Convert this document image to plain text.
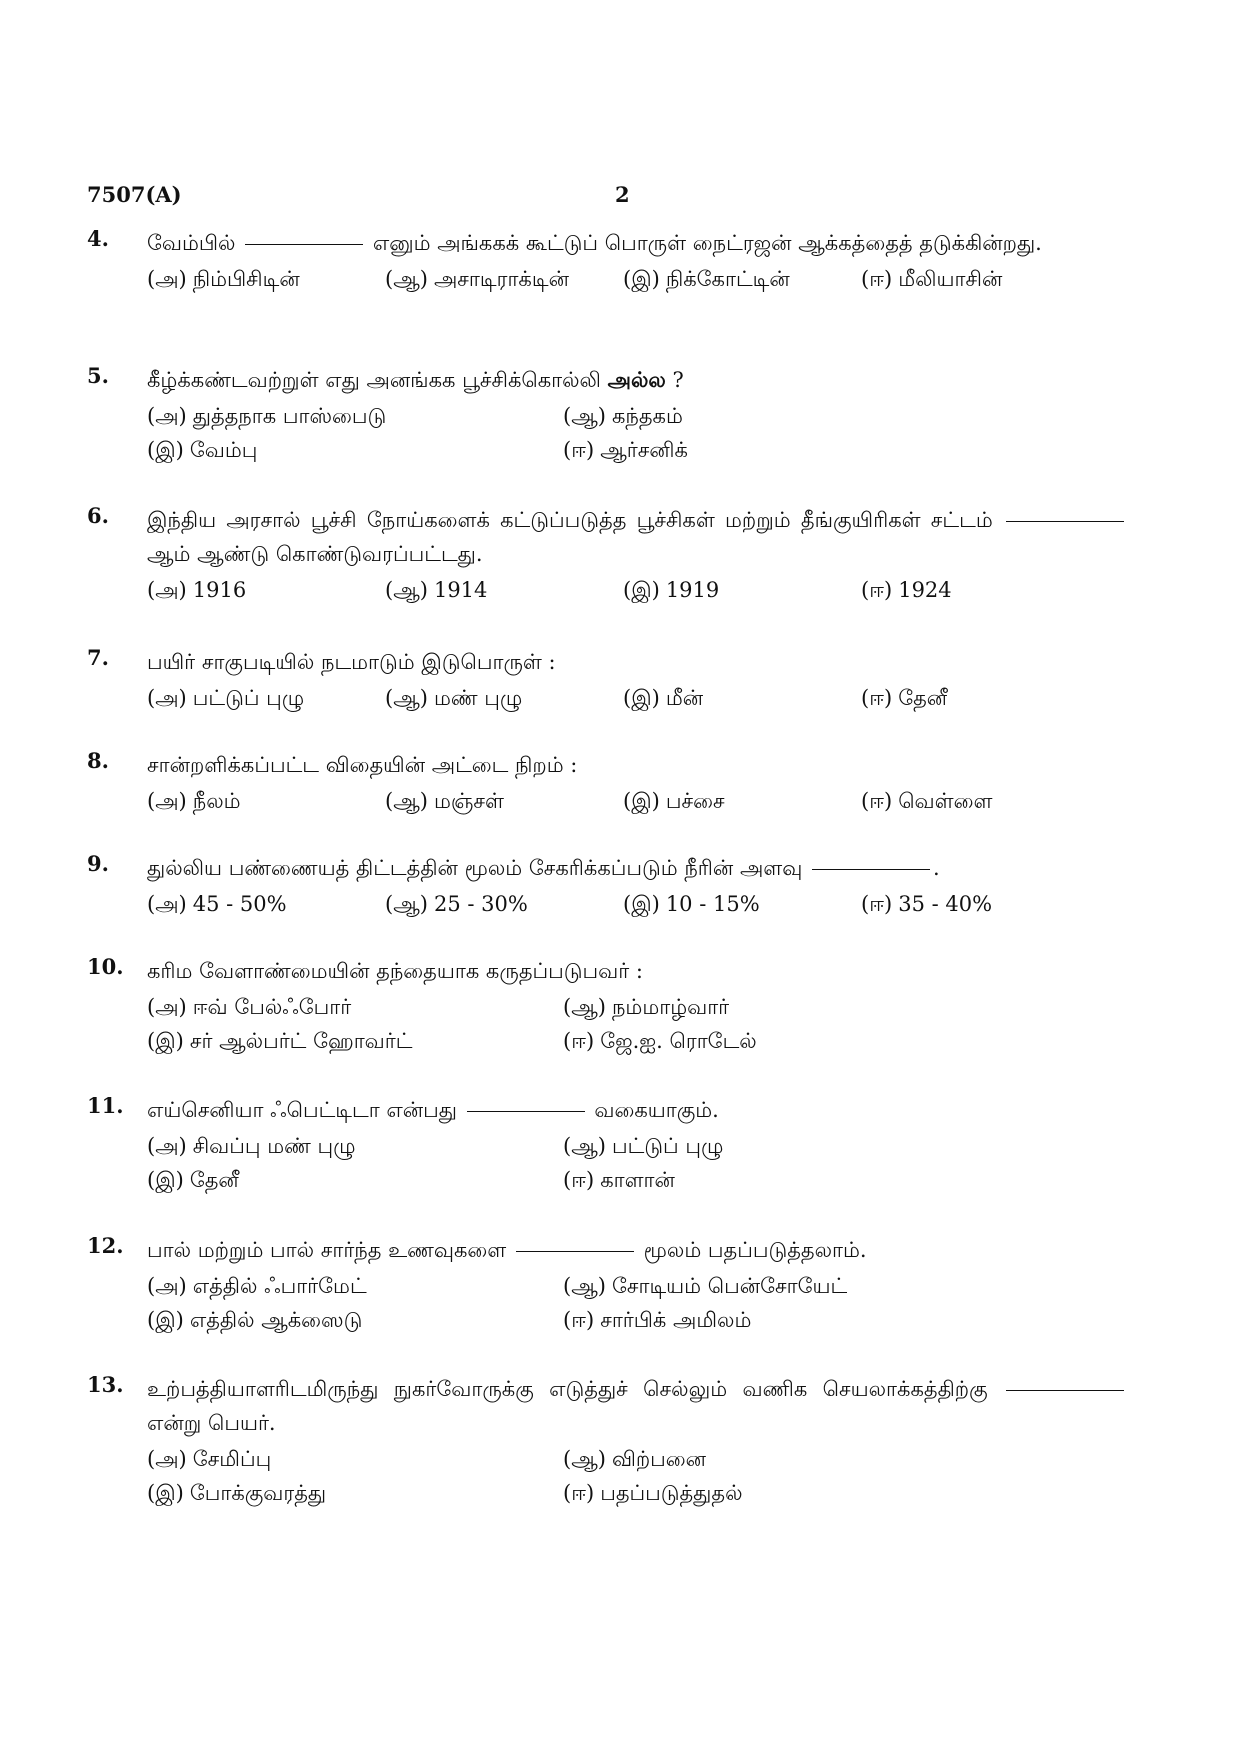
7507(A)	2
4. வேம்பில்	எனும் அங்ககக் கூட்டுப் பொருள் நைட்ரஜன் ஆக்கத்தைத் தடுக்கின்றது.
(அ) நிம்பிசிடின்	(ஆ) அசாடிராக்டின்	(இ) நிக்கோட்டின்	(ஈ) மீலியாசின்
5. கீழ்க்கண்டவற்றுள் எது அனங்கக பூச்சிக்கொல்லி அல்ல ?
(அ) துத்தநாக பாஸ்பைடு	(ஆ) கந்தகம்
(இ) வேம்பு	(ஈ) ஆர்சனிக்
6. இந்திய அரசால் பூச்சி நோய்களைக் கட்டுப்படுத்த பூச்சிகள் மற்றும் தீங்குயிரிகள் சட்டம்  ஆம் ஆண்டு கொண்டுவரப்பட்டது.
(அ) 1916	(ஆ) 1914	(இ) 1919	(ஈ) 1924
7. பயிர் சாகுபடியில் நடமாடும் இடுபொருள் :
(அ) பட்டுப் புழு	(ஆ) மண் புழு	(இ) மீன்	(ஈ) தேனீ
8. சான்றளிக்கப்பட்ட விதையின் அட்டை நிறம் :
(அ) நீலம்	(ஆ) மஞ்சள்	(இ) பச்சை	(ஈ) வெள்ளை
9. துல்லிய பண்ணையத் திட்டத்தின் மூலம் சேகரிக்கப்படும் நீரின் அளவு	.
(அ) 45 - 50%	(ஆ) 25 - 30%	(இ) 10 - 15%	(ஈ) 35 - 40%
10. கரிம வேளாண்மையின் தந்தையாக கருதப்படுபவர் :
(அ) ஈவ் பேல்ஃபோர்	(ஆ) நம்மாழ்வார்
(இ) சர் ஆல்பர்ட் ஹோவர்ட்	(ஈ) ஜே.ஐ. ரொடேல்
11. எய்செனியா ஃபெட்டிடா என்பது	வகையாகும்.
(அ) சிவப்பு மண் புழு	(ஆ) பட்டுப் புழு
(இ) தேனீ	(ஈ) காளான்
12. பால் மற்றும் பால் சார்ந்த உணவுகளை	மூலம் பதப்படுத்தலாம்.
(அ) எத்தில் ஃபார்மேட்	(ஆ) சோடியம் பென்சோயேட்
(இ) எத்தில் ஆக்ஸைடு	(ஈ) சார்பிக் அமிலம்
13. உற்பத்தியாளரிடமிருந்து நுகர்வோருக்கு எடுத்துச் செல்லும் வணிக செயலாக்கத்திற்கு  என்று பெயர்.
(அ) சேமிப்பு	(ஆ) விற்பனை
(இ) போக்குவரத்து	(ஈ) பதப்படுத்துதல்
